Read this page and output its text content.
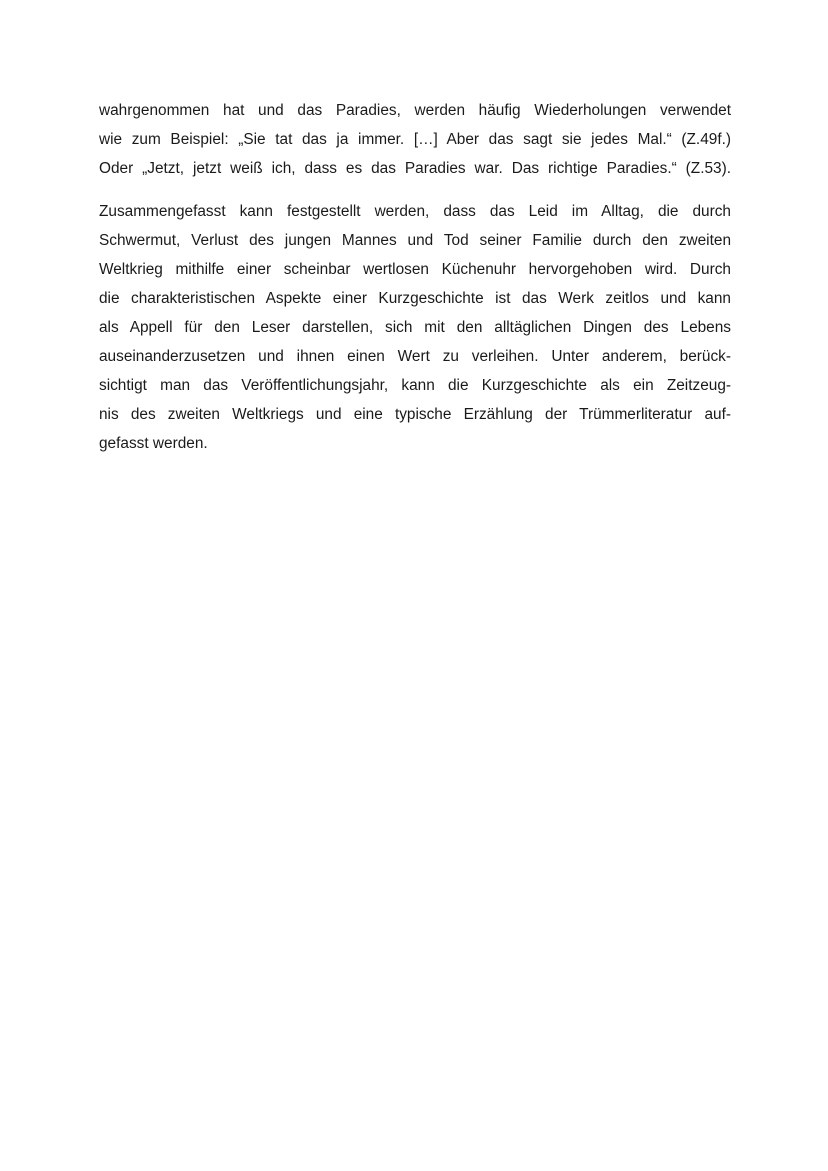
wahrgenommen hat und das Paradies, werden häufig Wiederholungen verwendet
wie zum Beispiel: „Sie tat das ja immer. […] Aber das sagt sie jedes Mal.“ (Z.49f.)
Oder „Jetzt, jetzt weiß ich, dass es das Paradies war. Das richtige Paradies.“ (Z.53).
Zusammengefasst kann festgestellt werden, dass das Leid im Alltag, die durch
Schwermut, Verlust des jungen Mannes und Tod seiner Familie durch den zweiten
Weltkrieg mithilfe einer scheinbar wertlosen Küchenuhr hervorgehoben wird. Durch
die charakteristischen Aspekte einer Kurzgeschichte ist das Werk zeitlos und kann
als Appell für den Leser darstellen, sich mit den alltäglichen Dingen des Lebens
auseinanderzusetzen und ihnen einen Wert zu verleihen. Unter anderem, berück-
sichtigt man das Veröffentlichungsjahr, kann die Kurzgeschichte als ein Zeitzeug-
nis des zweiten Weltkriegs und eine typische Erzählung der Trümmerliteratur auf-
gefasst werden.
